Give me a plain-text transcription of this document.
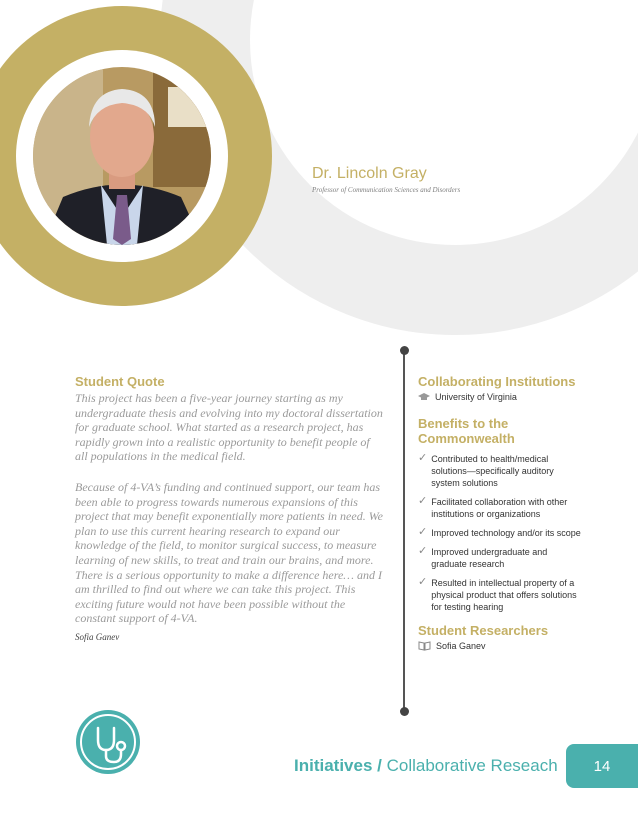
Dr. Lincoln Gray
Professor of Communication Sciences and Disorders
Student Quote

This project has been a five-year journey starting as my undergraduate thesis and evolving into my doctoral dissertation for graduate school. What started as a research project, has rapidly grown into a realistic opportunity to benefit people of all populations in the medical field.

Because of 4-VA’s funding and continued support, our team has been able to progress towards numerous expansions of this project that may benefit exponentially more patients in need. We plan to use this current hearing research to expand our knowledge of the field, to monitor surgical success, to measure learning of new skills, to treat and train our brains, and more. There is a serious opportunity to make a difference here… and I am thrilled to find out where we can take this project. This exciting future would not have been possible without the constant support of 4-VA.

Sofia Ganev
Collaborating Institutions
University of Virginia
Benefits to the
Commonwealth
✓ Contributed to health/medical
solutions—specifically auditory
system solutions
✓ Facilitated collaboration with other
institutions or organizations
✓ Improved technology and/or its scope
✓ Improved undergraduate and
graduate research
✓ Resulted in intellectual property of a
physical product that offers solutions
for testing hearing
Student Researchers
Sofia Ganev
Initiatives / Collaborative Reseach 14
